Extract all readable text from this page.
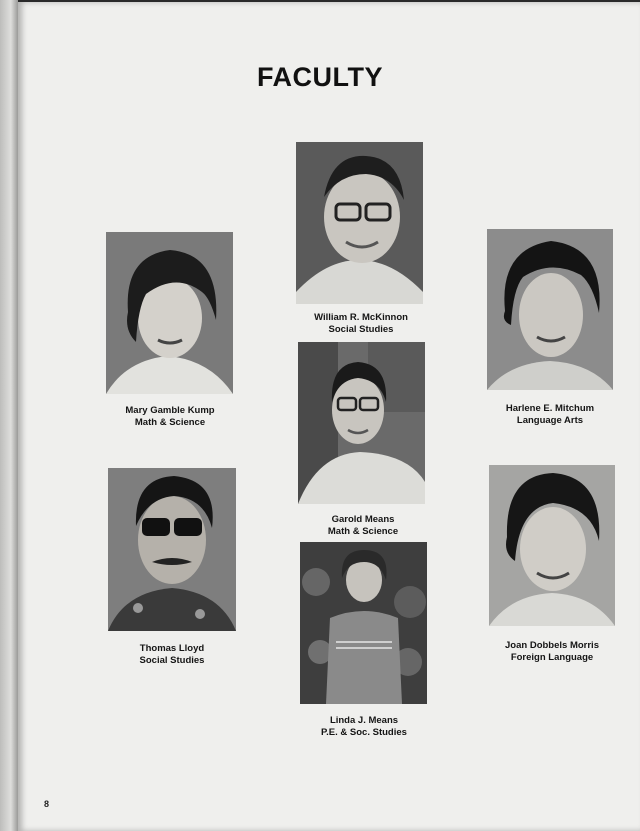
FACULTY
William R. McKinnon
Social Studies
Mary Gamble Kump
Math & Science
Harlene E. Mitchum
Language Arts
Garold Means
Math & Science
Thomas Lloyd
Social Studies
Joan Dobbels Morris
Foreign Language
Linda J. Means
P.E. & Soc. Studies
8
